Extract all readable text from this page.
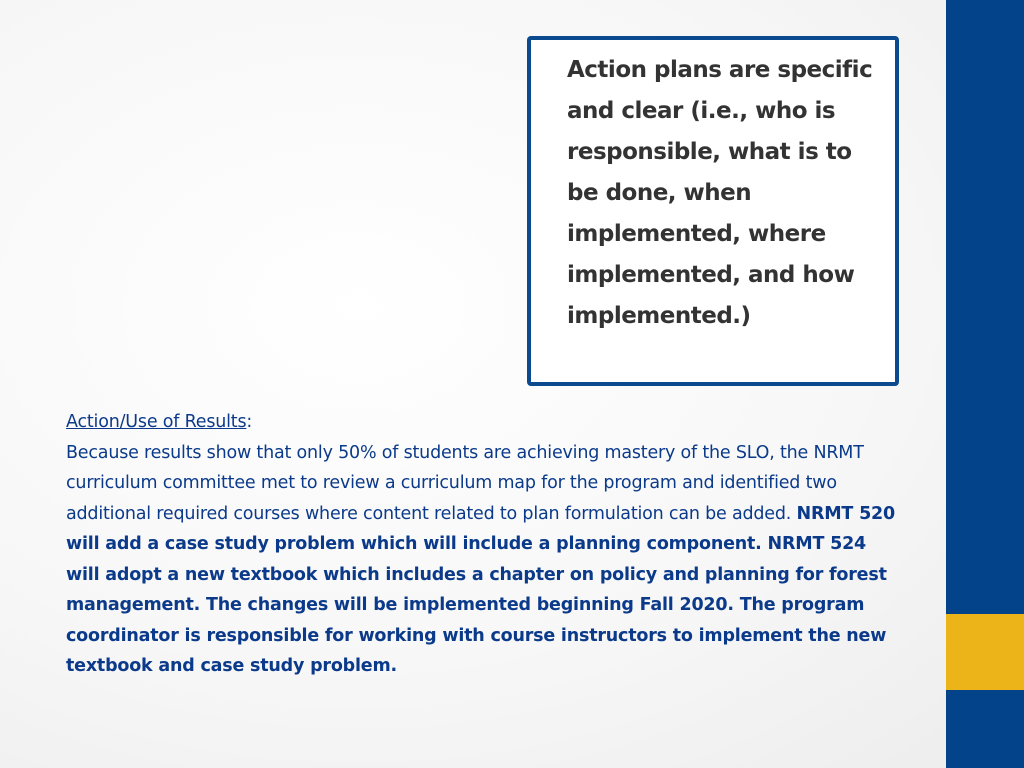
Action plans are specific and clear (i.e., who is responsible, what is to be done, when implemented, where implemented, and how implemented.)

Action/Use of Results:
Because results show that only 50% of students are achieving mastery of the SLO, the NRMT curriculum committee met to review a curriculum map for the program and identified two additional required courses where content related to plan formulation can be added. NRMT 520 will add a case study problem which will include a planning component. NRMT 524 will adopt a new textbook which includes a chapter on policy and planning for forest management. The changes will be implemented beginning Fall 2020. The program coordinator is responsible for working with course instructors to implement the new textbook and case study problem.
